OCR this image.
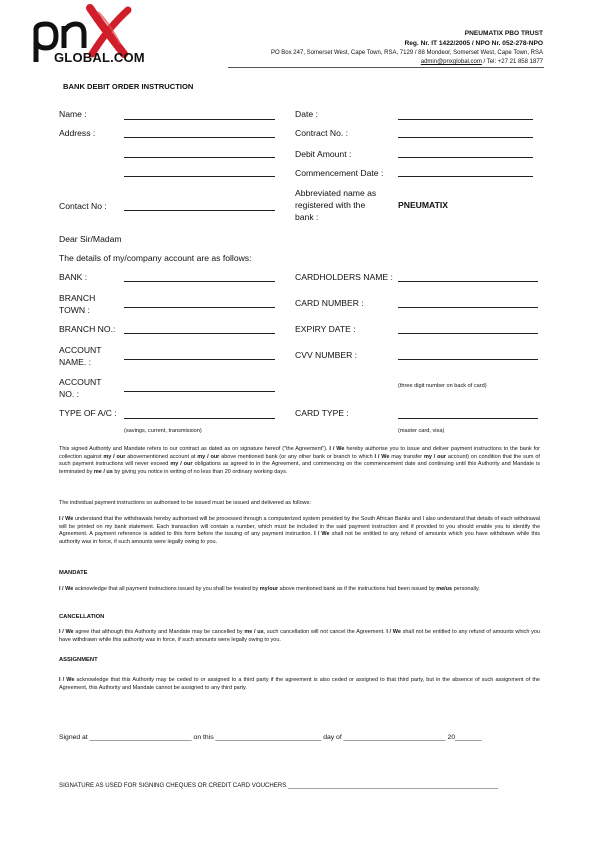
GLOBAL.COM
PNEUMATIX PBO TRUST
Reg. Nr. IT 1422/2005 / NPO Nr. 052-278-NPO
PO Box 247, Somerset West, Cape Town, RSA, 7129 / 88 Mondeor, Somerset West, Cape Town, RSA
admin@pnxglobal.com / Tel: +27 21 858 1877
BANK DEBIT ORDER INSTRUCTION
Name :
Address :
Contact No :
Date :
Contract No. :
Debit Amount :
Commencement Date :
Abbreviated name as
registered with the
bank :
PNEUMATIX
Dear Sir/Madam
The details of my/company account are as follows:
BANK :
BRANCH
TOWN :
BRANCH NO.:
ACCOUNT
NAME. :
ACCOUNT
NO. :
TYPE OF A/C :
(savings, current, transmission)
CARDHOLDERS NAME :
CARD NUMBER :
EXPIRY DATE :
CVV NUMBER :
(three digit number on back of card)
CARD TYPE :
(master card, visa)
This signed Authority and Mandate refers to our contract as dated as on signature hereof ("the Agreement"). I / We hereby authorise you to issue and deliver payment instructions to the bank for collection against my / our abovementioned account at my / our above mentioned bank (or any other bank or branch to which I / We may transfer my / our account) on condition that the sum of such payment instructions will never exceed my / our obligations as agreed to in the Agreement, and commencing on the commencement date and continuing until this Authority and Mandate is terminated by me / us by giving you notice in writing of no less than 20 ordinary working days.
The individual payment instructions so authorised to be issued must be issued and delivered as follows:
I / We understand that the withdrawals hereby authorised will be processed through a computerized system provided by the South African Banks and I also understand that details of each withdrawal will be printed on my bank statement. Each transaction will contain a number, which must be included in the said payment instruction and if provided to you should enable you to identify the Agreement. A payment reference is added to this form before the issuing of any payment instruction. I / We shall not be entitled to any refund of amounts which you have withdrawn while this authority was in force, if such amounts were legally owing to you.
MANDATE
I / We acknowledge that all payment instructions issued by you shall be treated by my/our above mentioned bank as if the instructions had been issued by me/us personally.
CANCELLATION
I / We agree that although this Authority and Mandate may be cancelled by me / us, such cancellation will not cancel the Agreement. I / We shall not be entitled to any refund of amounts which you have withdrawn while this authority was in force, if such amounts were legally owing to you.
ASSIGNMENT
I / We acknowledge that this Authority may be ceded to or assigned to a third party if the agreement is also ceded or assigned to that third party, but in the absence of such assignment of the Agreement, this Authority and Mandate cannot be assigned to any third party.
Signed at ___________________________ on this ____________________________ day of ___________________________ 20_______
SIGNATURE AS USED FOR SIGNING CHEQUES OR CREDIT CARD VOUCHERS ______________________________________________________________
